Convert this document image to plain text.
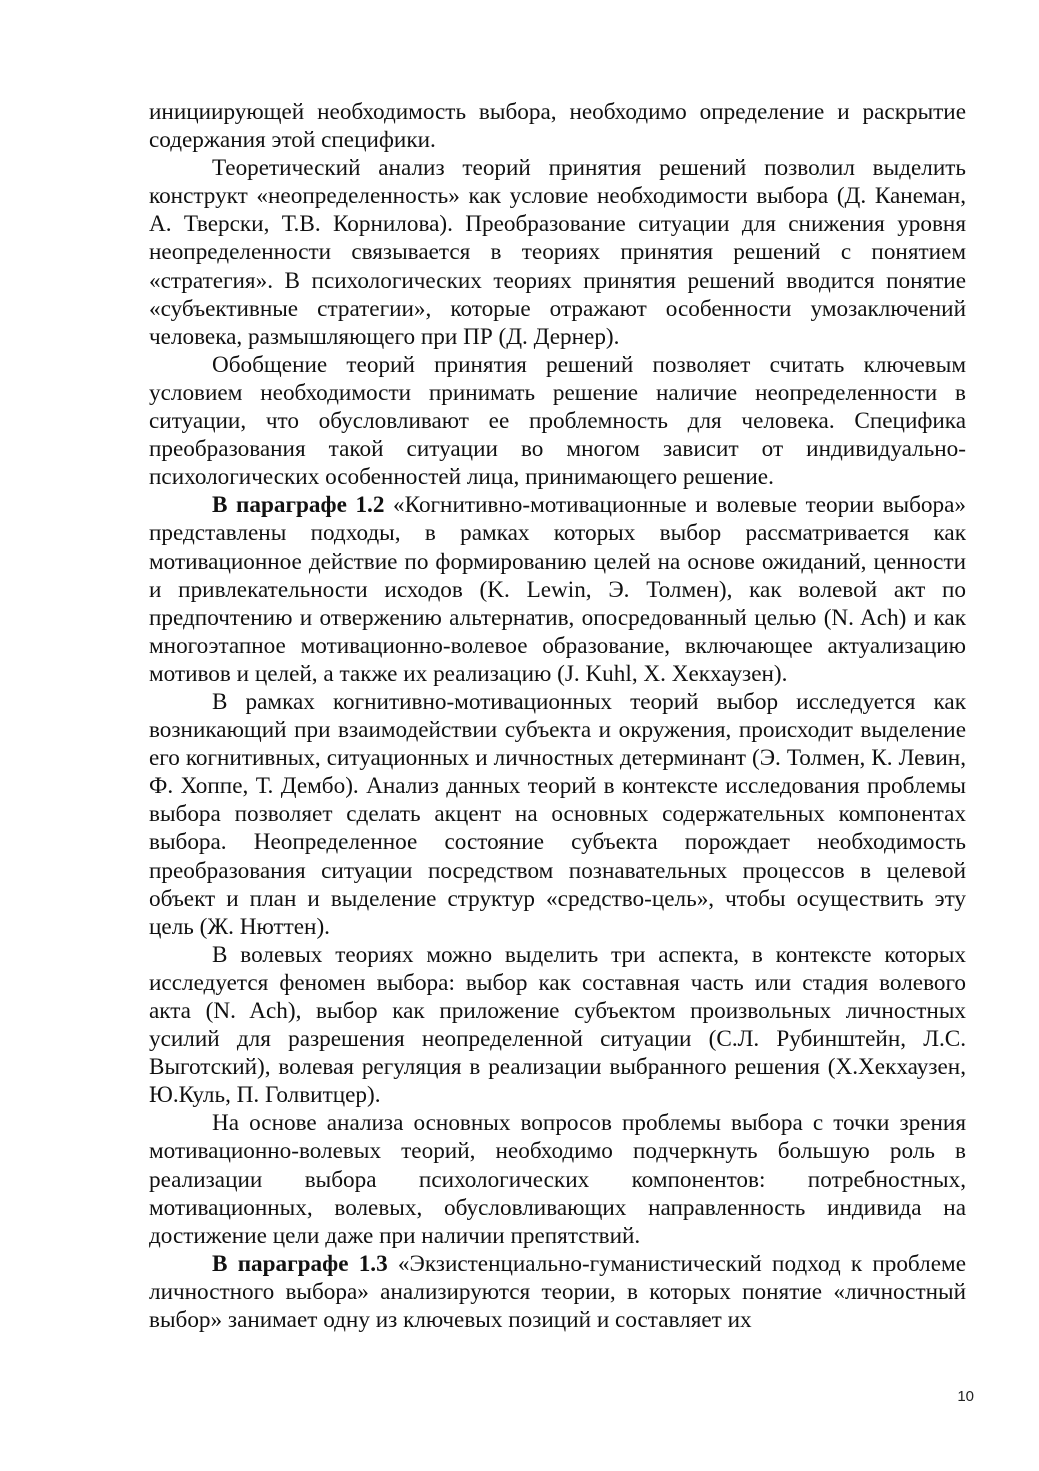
инициирующей необходимость выбора, необходимо определение и раскрытие содержания этой специфики.

Теоретический анализ теорий принятия решений позволил выделить конструкт «неопределенность» как условие необходимости выбора (Д. Канеман, А. Тверски, Т.В. Корнилова). Преобразование ситуации для снижения уровня неопределенности связывается в теориях принятия решений с понятием «стратегия». В психологических теориях принятия решений вводится понятие «субъективные стратегии», которые отражают особенности умозаключений человека, размышляющего при ПР (Д. Дернер).

Обобщение теорий принятия решений позволяет считать ключевым условием необходимости принимать решение наличие неопределенности в ситуации, что обусловливают ее проблемность для человека. Специфика преобразования такой ситуации во многом зависит от индивидуально-психологических особенностей лица, принимающего решение.

В параграфе 1.2 «Когнитивно-мотивационные и волевые теории выбора» представлены подходы, в рамках которых выбор рассматривается как мотивационное действие по формированию целей на основе ожиданий, ценности и привлекательности исходов (K. Lewin, Э. Толмен), как волевой акт по предпочтению и отвержению альтернатив, опосредованный целью (N. Ach) и как многоэтапное мотивационно-волевое образование, включающее актуализацию мотивов и целей, а также их реализацию (J. Kuhl, Х. Хекхаузен).

В рамках когнитивно-мотивационных теорий выбор исследуется как возникающий при взаимодействии субъекта и окружения, происходит выделение его когнитивных, ситуационных и личностных детерминант (Э. Толмен, К. Левин, Ф. Хоппе, Т. Дембо). Анализ данных теорий в контексте исследования проблемы выбора позволяет сделать акцент на основных содержательных компонентах выбора. Неопределенное состояние субъекта порождает необходимость преобразования ситуации посредством познавательных процессов в целевой объект и план и выделение структур «средство-цель», чтобы осуществить эту цель (Ж. Нюттен).

В волевых теориях можно выделить три аспекта, в контексте которых исследуется феномен выбора: выбор как составная часть или стадия волевого акта (N. Ach), выбор как приложение субъектом произвольных личностных усилий для разрешения неопределенной ситуации (С.Л. Рубинштейн, Л.С. Выготский), волевая регуляция в реализации выбранного решения (Х.Хекхаузен, Ю.Куль, П. Голвитцер).

На основе анализа основных вопросов проблемы выбора с точки зрения мотивационно-волевых теорий, необходимо подчеркнуть большую роль в реализации выбора психологических компонентов: потребностных, мотивационных, волевых, обусловливающих направленность индивида на достижение цели даже при наличии препятствий.

В параграфе 1.3 «Экзистенциально-гуманистический подход к проблеме личностного выбора» анализируются теории, в которых понятие «личностный выбор» занимает одну из ключевых позиций и составляет их

10
